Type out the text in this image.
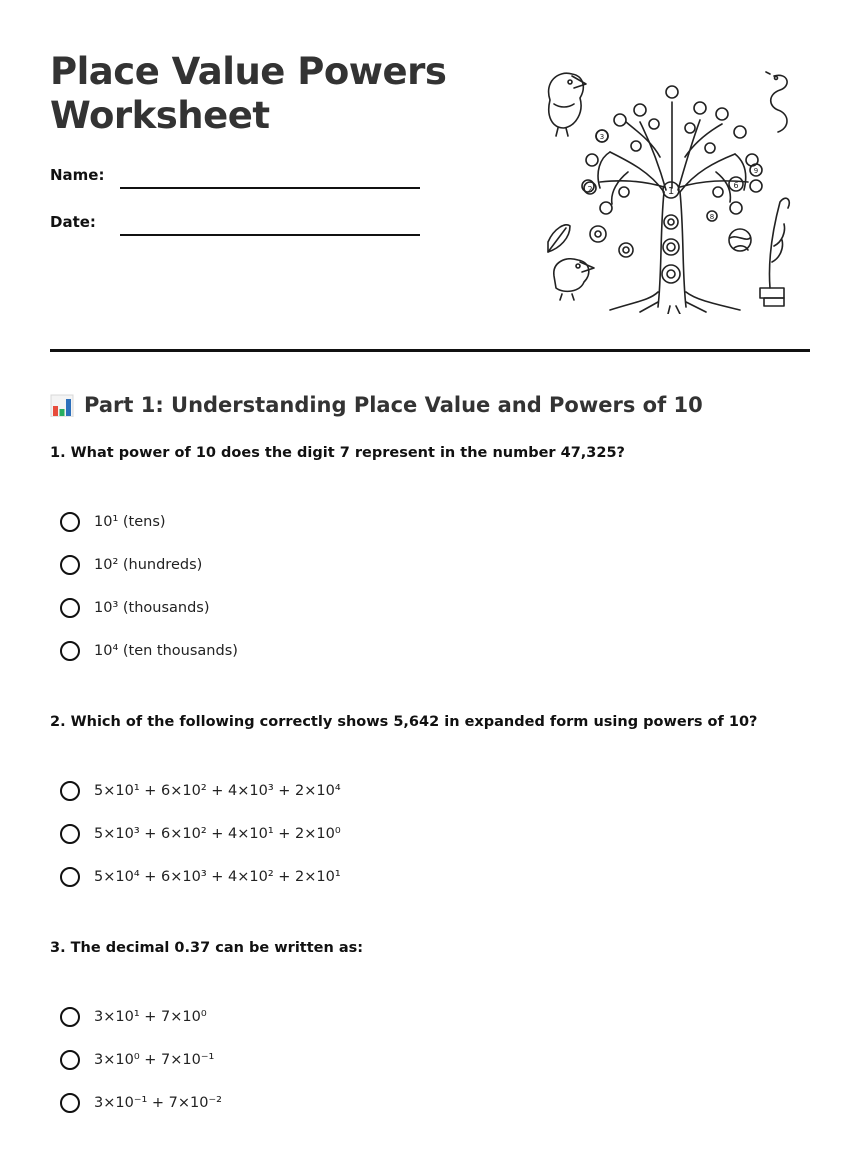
Place Value Powers
Worksheet
Name:
Date:
1
2
3
6
8
9
Part 1: Understanding Place Value and Powers of 10
1. What power of 10 does the digit 7 represent in the number 47,325?
10¹ (tens)
10² (hundreds)
10³ (thousands)
10⁴ (ten thousands)
2. Which of the following correctly shows 5,642 in expanded form using powers of 10?
5×10¹ + 6×10² + 4×10³ + 2×10⁴
5×10³ + 6×10² + 4×10¹ + 2×10⁰
5×10⁴ + 6×10³ + 4×10² + 2×10¹
3. The decimal 0.37 can be written as:
3×10¹ + 7×10⁰
3×10⁰ + 7×10⁻¹
3×10⁻¹ + 7×10⁻²
